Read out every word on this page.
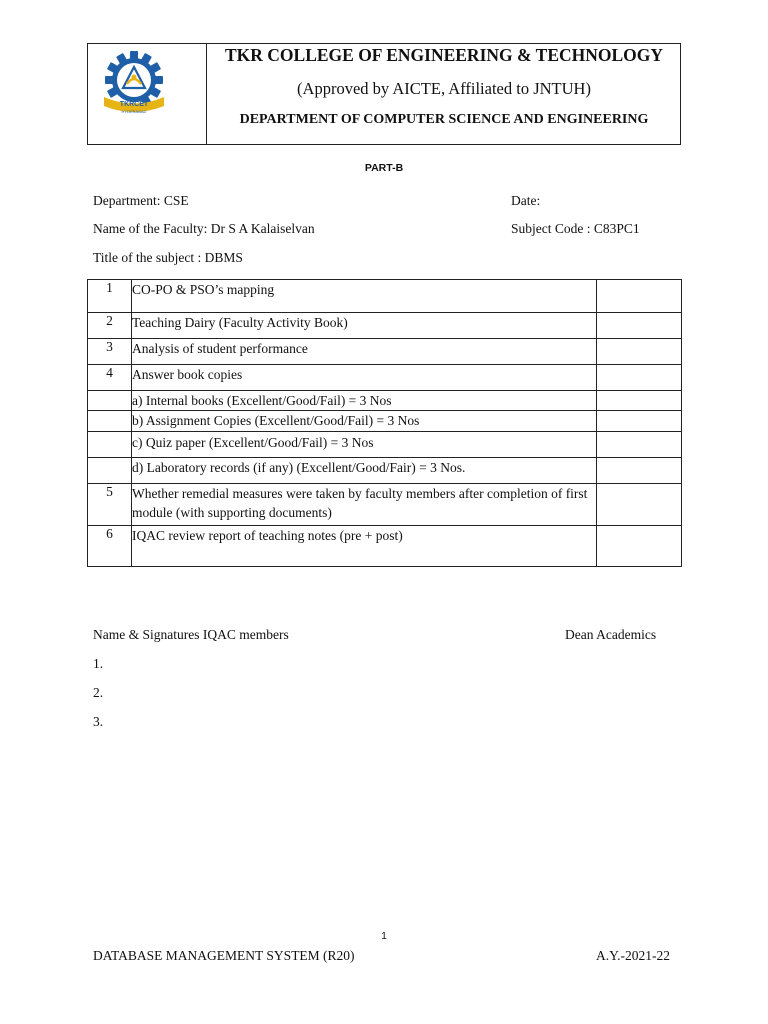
TKRCET
HYDERABAD
TKR COLLEGE OF ENGINEERING & TECHNOLOGY
(Approved by AICTE, Affiliated to JNTUH)
DEPARTMENT OF COMPUTER SCIENCE AND ENGINEERING
PART-B
Department: CSE	Date:
Name of the Faculty: Dr S A Kalaiselvan	Subject Code : C83PC1
Title of the subject : DBMS
1	CO-PO & PSO’s mapping	
2	Teaching Dairy (Faculty Activity Book)	
3	Analysis of student performance	
4	Answer book copies	
	a) Internal books (Excellent/Good/Fail) = 3 Nos	
	b) Assignment Copies (Excellent/Good/Fail) = 3 Nos	
	c) Quiz paper (Excellent/Good/Fail) = 3 Nos	
	d) Laboratory records (if any) (Excellent/Good/Fair) = 3 Nos.	
5	Whether remedial measures were taken by faculty members after completion of first module (with supporting documents)	
6	IQAC review report of teaching notes (pre + post)	
Name & Signatures IQAC members	Dean Academics
1.
2.
3.
1
DATABASE MANAGEMENT SYSTEM (R20)	A.Y.-2021-22
